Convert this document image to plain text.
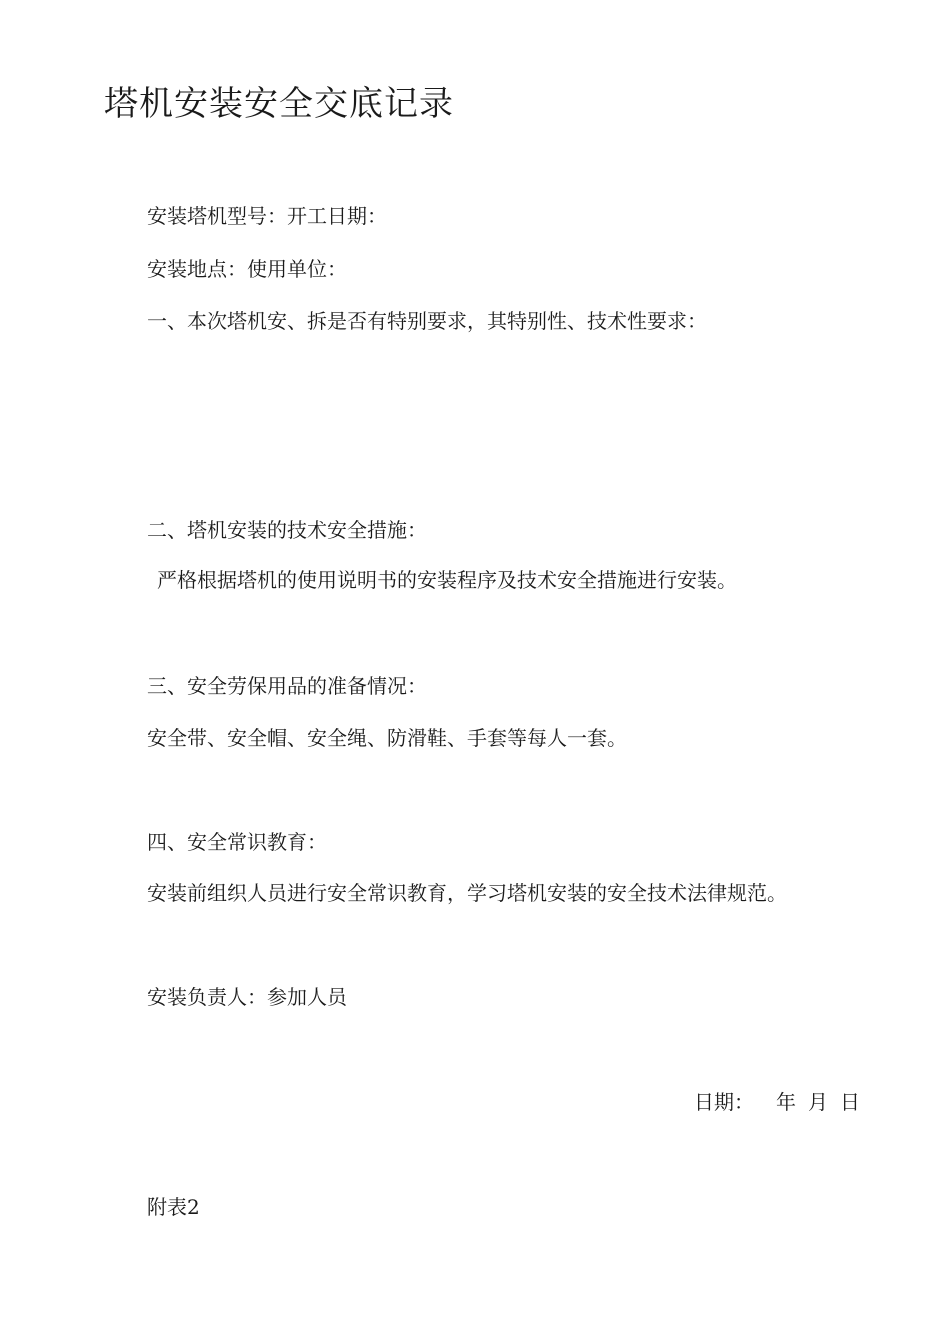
塔机安装安全交底记录

安装塔机型号：开工日期：

安装地点：使用单位：

一、本次塔机安、拆是否有特别要求，其特别性、技术性要求：

二、塔机安装的技术安全措施：

严格根据塔机的使用说明书的安装程序及技术安全措施进行安装。

三、安全劳保用品的准备情况：

安全带、安全帽、安全绳、防滑鞋、手套等每人一套。

四、安全常识教育：

安装前组织人员进行安全常识教育，学习塔机安装的安全技术法律规范。

安装负责人：参加人员

日期： 年 月 日

附表2
